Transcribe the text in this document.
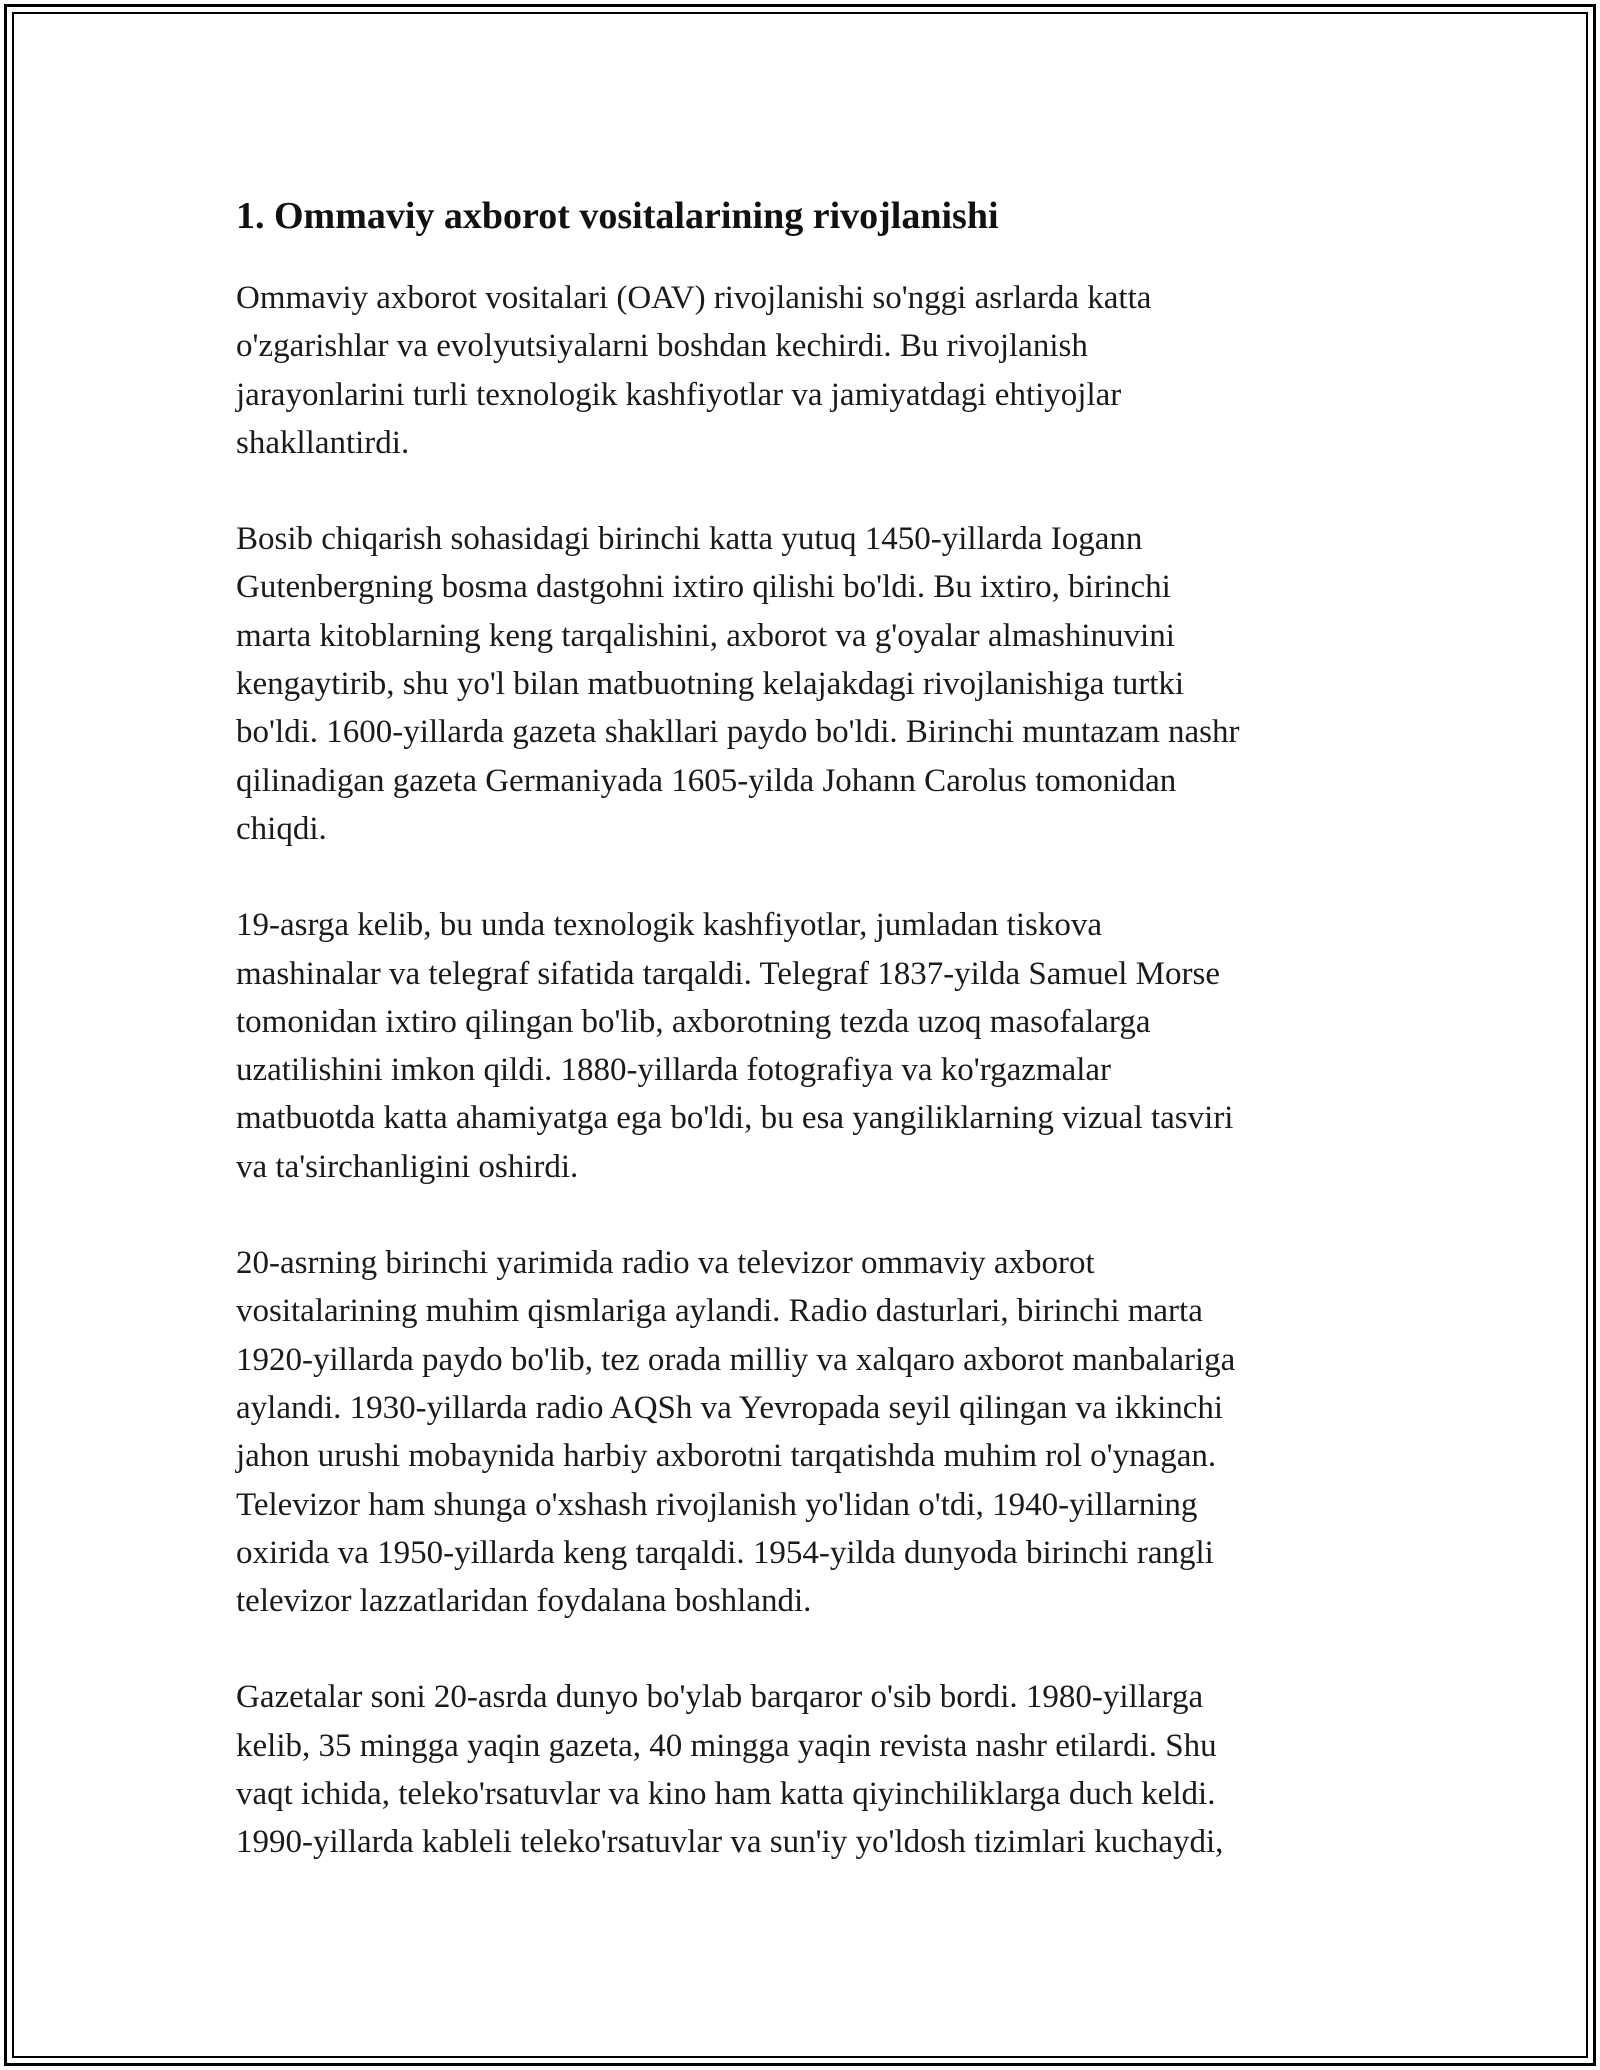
1. Ommaviy axborot vositalarining rivojlanishi

Ommaviy axborot vositalari (OAV) rivojlanishi so'nggi asrlarda katta
o'zgarishlar va evolyutsiyalarni boshdan kechirdi. Bu rivojlanish
jarayonlarini turli texnologik kashfiyotlar va jamiyatdagi ehtiyojlar
shakllantirdi.

Bosib chiqarish sohasidagi birinchi katta yutuq 1450-yillarda Iogann
Gutenbergning bosma dastgohni ixtiro qilishi bo'ldi. Bu ixtiro, birinchi
marta kitoblarning keng tarqalishini, axborot va g'oyalar almashinuvini
kengaytirib, shu yo'l bilan matbuotning kelajakdagi rivojlanishiga turtki
bo'ldi. 1600-yillarda gazeta shakllari paydo bo'ldi. Birinchi muntazam nashr
qilinadigan gazeta Germaniyada 1605-yilda Johann Carolus tomonidan
chiqdi.

19-asrga kelib, bu unda texnologik kashfiyotlar, jumladan tiskova
mashinalar va telegraf sifatida tarqaldi. Telegraf 1837-yilda Samuel Morse
tomonidan ixtiro qilingan bo'lib, axborotning tezda uzoq masofalarga
uzatilishini imkon qildi. 1880-yillarda fotografiya va ko'rgazmalar
matbuotda katta ahamiyatga ega bo'ldi, bu esa yangiliklarning vizual tasviri
va ta'sirchanligini oshirdi.

20-asrning birinchi yarimida radio va televizor ommaviy axborot
vositalarining muhim qismlariga aylandi. Radio dasturlari, birinchi marta
1920-yillarda paydo bo'lib, tez orada milliy va xalqaro axborot manbalariga
aylandi. 1930-yillarda radio AQSh va Yevropada seyil qilingan va ikkinchi
jahon urushi mobaynida harbiy axborotni tarqatishda muhim rol o'ynagan.
Televizor ham shunga o'xshash rivojlanish yo'lidan o'tdi, 1940-yillarning
oxirida va 1950-yillarda keng tarqaldi. 1954-yilda dunyoda birinchi rangli
televizor lazzatlaridan foydalana boshlandi.

Gazetalar soni 20-asrda dunyo bo'ylab barqaror o'sib bordi. 1980-yillarga
kelib, 35 mingga yaqin gazeta, 40 mingga yaqin revista nashr etilardi. Shu
vaqt ichida, teleko'rsatuvlar va kino ham katta qiyinchiliklarga duch keldi.
1990-yillarda kableli teleko'rsatuvlar va sun'iy yo'ldosh tizimlari kuchaydi,
